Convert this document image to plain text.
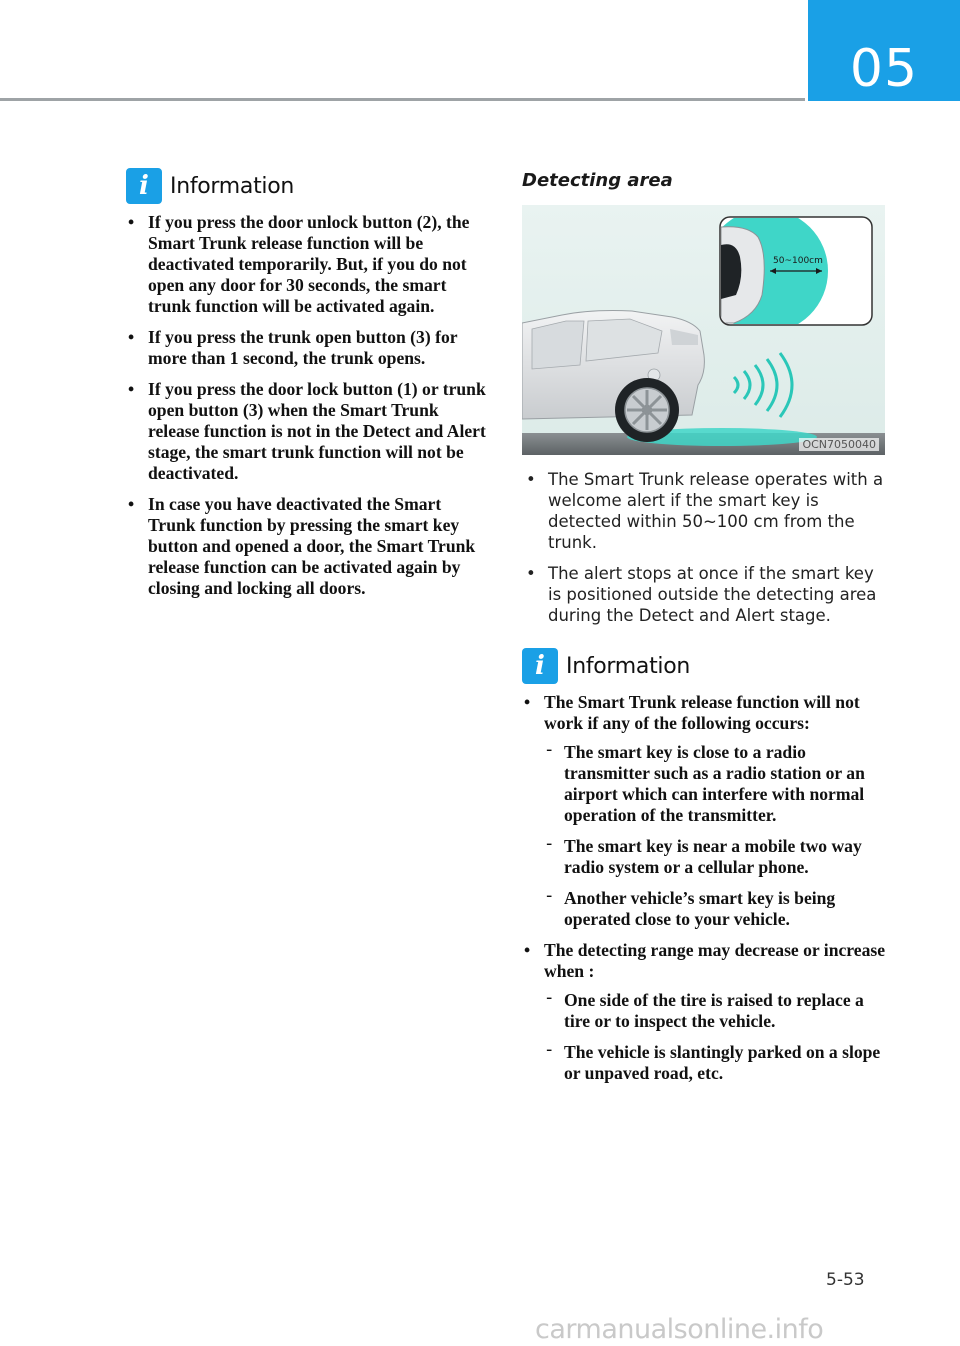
05
i Information
• If you press the door unlock button (2), the Smart Trunk release function will be deactivated temporarily. But, if you do not open any door for 30 seconds, the smart trunk function will be activated again.
• If you press the trunk open button (3) for more than 1 second, the trunk opens.
• If you press the door lock button (1) or trunk open button (3) when the Smart Trunk release function is not in the Detect and Alert stage, the smart trunk function will not be deactivated.
• In case you have deactivated the Smart Trunk function by pressing the smart key button and opened a door, the Smart Trunk release function can be activated again by closing and locking all doors.
Detecting area
50~100cm
OCN7050040
• The Smart Trunk release operates with a welcome alert if the smart key is detected within 50~100 cm from the trunk.
• The alert stops at once if the smart key is positioned outside the detecting area during the Detect and Alert stage.
i Information
• The Smart Trunk release function will not work if any of the following occurs:
- The smart key is close to a radio transmitter such as a radio station or an airport which can interfere with normal operation of the transmitter.
- The smart key is near a mobile two way radio system or a cellular phone.
- Another vehicle’s smart key is being operated close to your vehicle.
• The detecting range may decrease or increase when :
- One side of the tire is raised to replace a tire or to inspect the vehicle.
- The vehicle is slantingly parked on a slope or unpaved road, etc.
5-53
carmanualsonline.info
